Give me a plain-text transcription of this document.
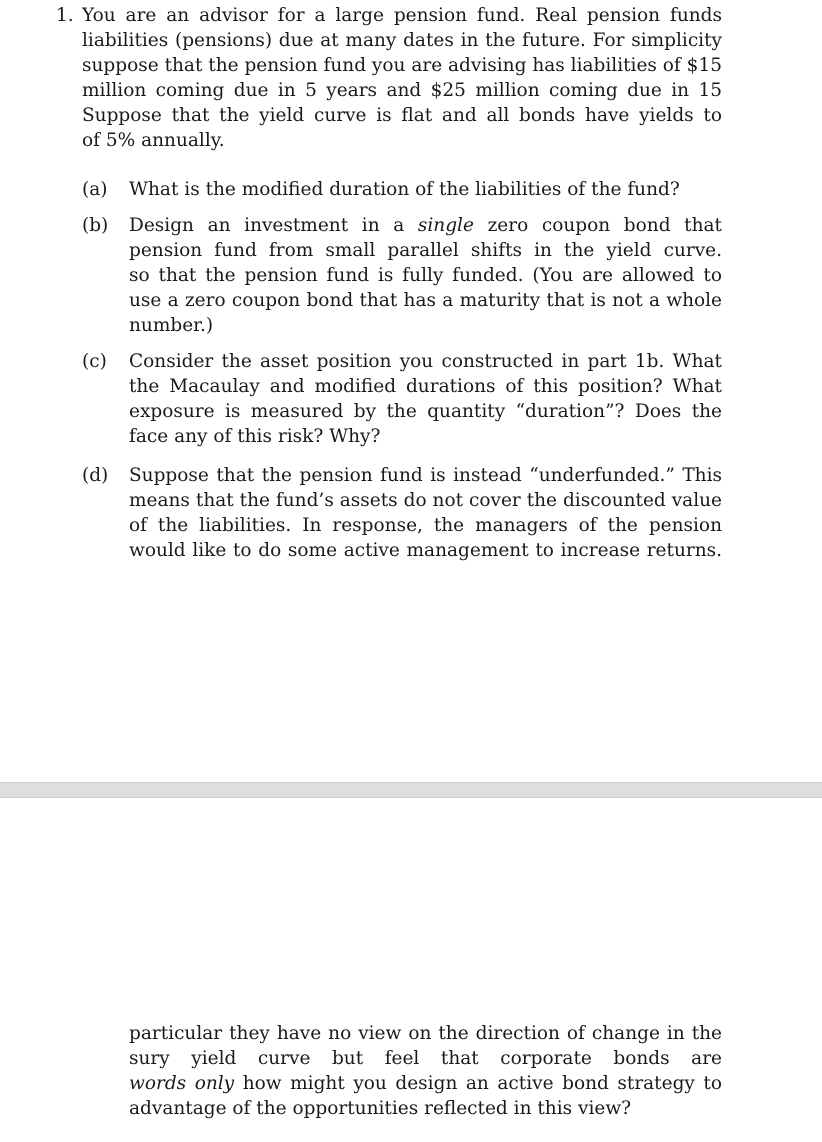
1. You are an advisor for a large pension fund. Real pension funds
liabilities (pensions) due at many dates in the future. For simplicity
suppose that the pension fund you are advising has liabilities of $15
million coming due in 5 years and $25 million coming due in 15
Suppose that the yield curve is flat and all bonds have yields to
of 5% annually.
(a) What is the modified duration of the liabilities of the fund?
(b) Design an investment in a single zero coupon bond that
pension fund from small parallel shifts in the yield curve.
so that the pension fund is fully funded. (You are allowed to
use a zero coupon bond that has a maturity that is not a whole
number.)
(c) Consider the asset position you constructed in part 1b. What
the Macaulay and modified durations of this position? What
exposure is measured by the quantity “duration”? Does the
face any of this risk? Why?
(d) Suppose that the pension fund is instead “underfunded.” This
means that the fund’s assets do not cover the discounted value
of the liabilities. In response, the managers of the pension
would like to do some active management to increase returns.
particular they have no view on the direction of change in the
sury yield curve but feel that corporate bonds are
words only how might you design an active bond strategy to
advantage of the opportunities reflected in this view?
